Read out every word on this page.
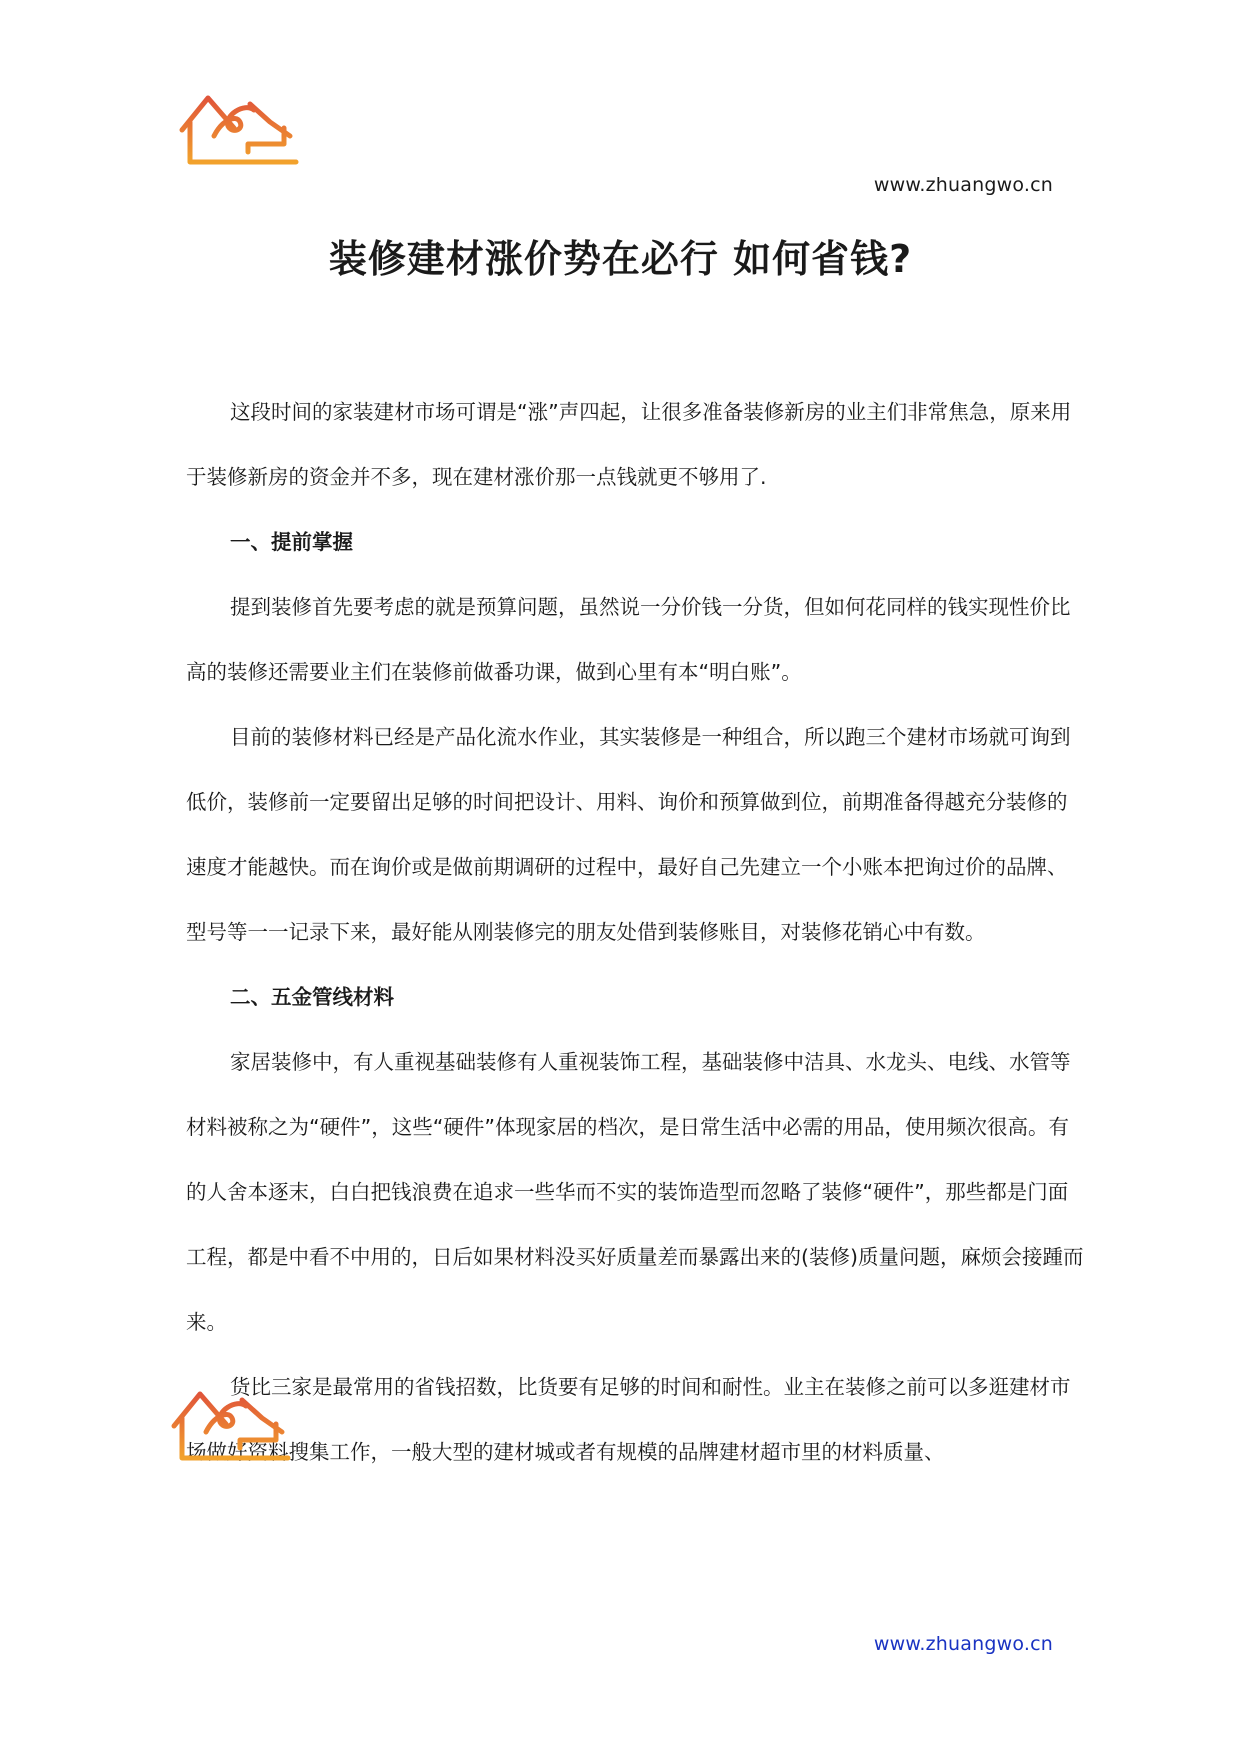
www.zhuangwo.cn
装修建材涨价势在必行 如何省钱?

这段时间的家装建材市场可谓是“涨”声四起，让很多准备装修新房的业主们非常焦急，原来用于装修新房的资金并不多，现在建材涨价那一点钱就更不够用了.

一、提前掌握

提到装修首先要考虑的就是预算问题，虽然说一分价钱一分货，但如何花同样的钱实现性价比高的装修还需要业主们在装修前做番功课，做到心里有本“明白账”。

目前的装修材料已经是产品化流水作业，其实装修是一种组合，所以跑三个建材市场就可询到低价，装修前一定要留出足够的时间把设计、用料、询价和预算做到位，前期准备得越充分装修的速度才能越快。而在询价或是做前期调研的过程中，最好自己先建立一个小账本把询过价的品牌、型号等一一记录下来，最好能从刚装修完的朋友处借到装修账目，对装修花销心中有数。

二、五金管线材料

家居装修中，有人重视基础装修有人重视装饰工程，基础装修中洁具、水龙头、电线、水管等材料被称之为“硬件”，这些“硬件”体现家居的档次，是日常生活中必需的用品，使用频次很高。有的人舍本逐末，白白把钱浪费在追求一些华而不实的装饰造型而忽略了装修“硬件”，那些都是门面工程，都是中看不中用的，日后如果材料没买好质量差而暴露出来的(装修)质量问题，麻烦会接踵而来。

货比三家是最常用的省钱招数，比货要有足够的时间和耐性。业主在装修之前可以多逛建材市场做好资料搜集工作，一般大型的建材城或者有规模的品牌建材超市里的材料质量、

www.zhuangwo.cn
